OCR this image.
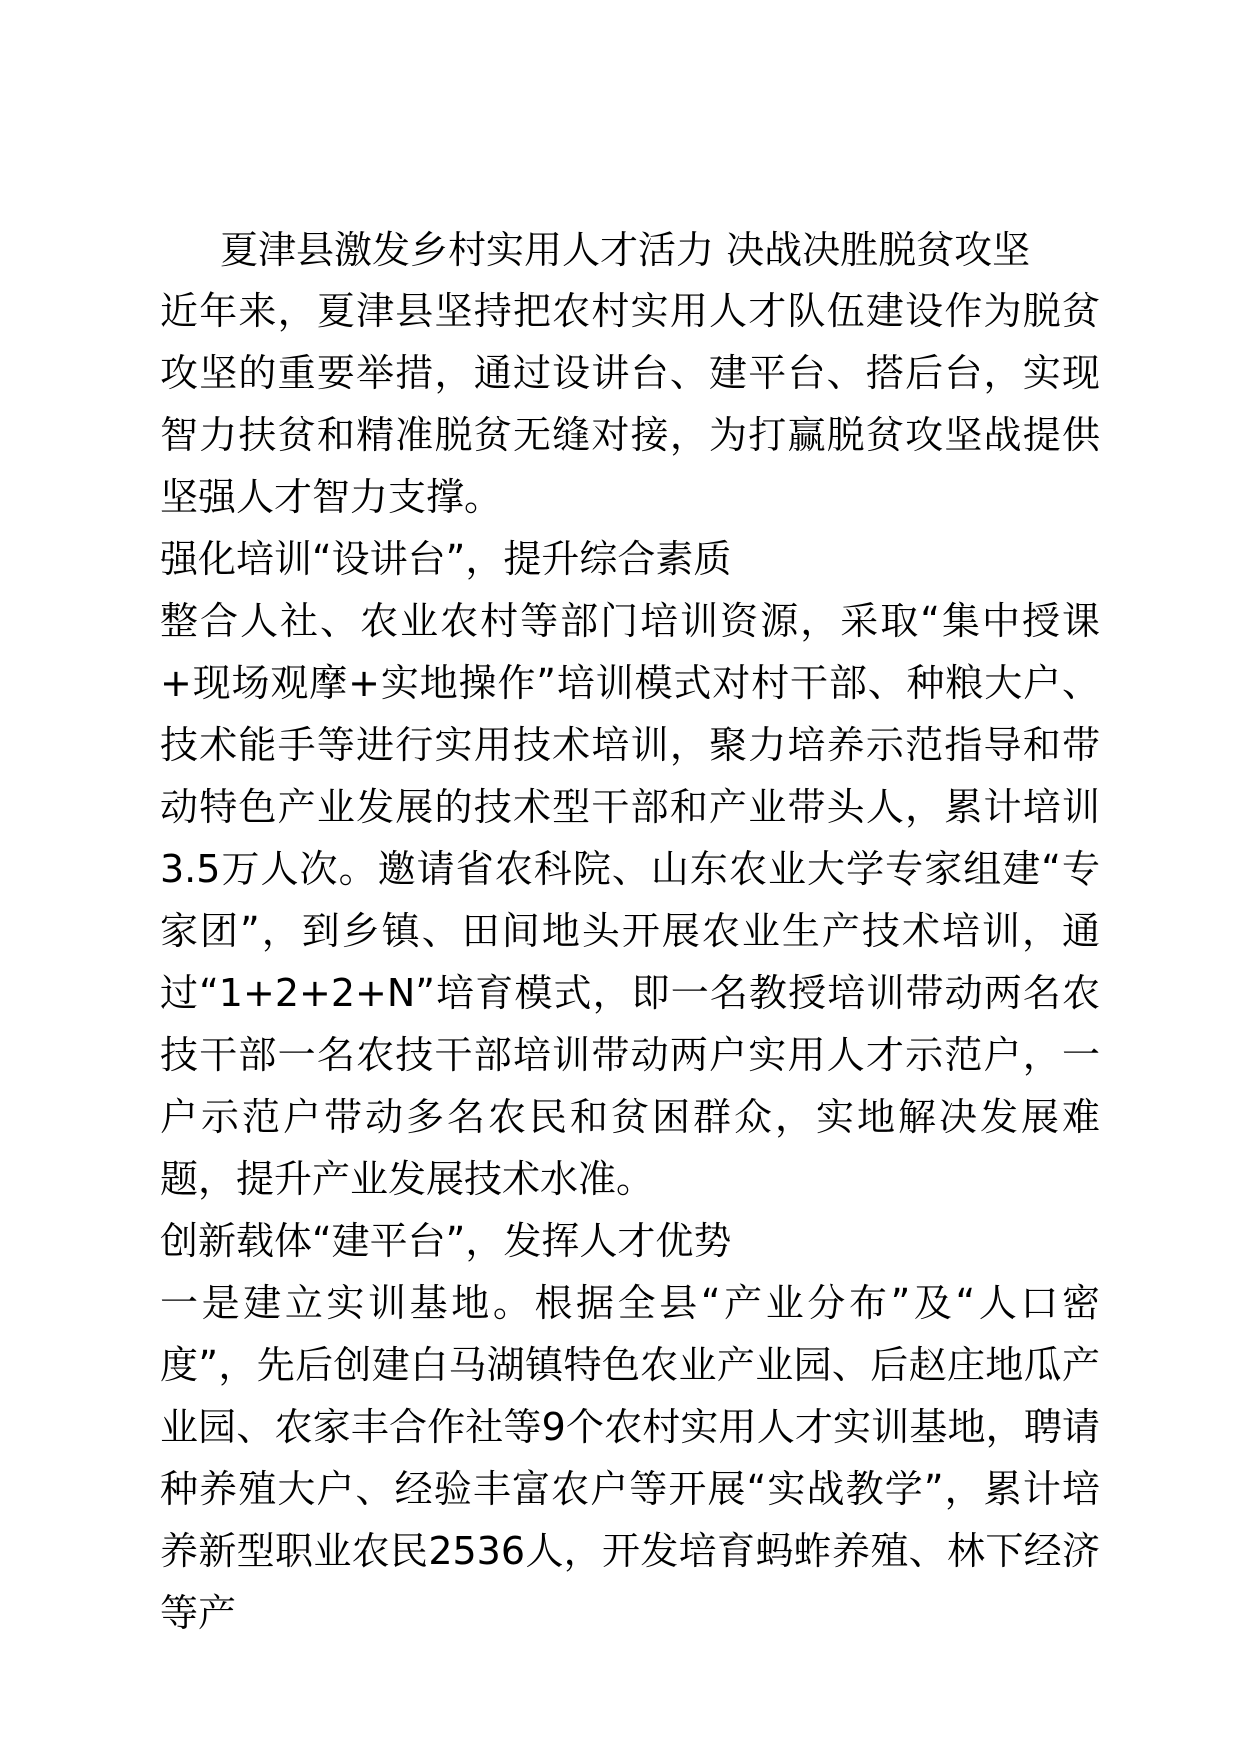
夏津县激发乡村实用人才活力 决战决胜脱贫攻坚

近年来，夏津县坚持把农村实用人才队伍建设作为脱贫攻坚的重要举措，通过设讲台、建平台、搭后台，实现智力扶贫和精准脱贫无缝对接，为打赢脱贫攻坚战提供坚强人才智力支撑。

强化培训“设讲台”，提升综合素质

整合人社、农业农村等部门培训资源，采取“集中授课+现场观摩+实地操作”培训模式对村干部、种粮大户、技术能手等进行实用技术培训，聚力培养示范指导和带动特色产业发展的技术型干部和产业带头人，累计培训3.5万人次。邀请省农科院、山东农业大学专家组建“专家团”，到乡镇、田间地头开展农业生产技术培训，通过“1+2+2+N”培育模式，即一名教授培训带动两名农技干部一名农技干部培训带动两户实用人才示范户，一户示范户带动多名农民和贫困群众，实地解决发展难题，提升产业发展技术水准。

创新载体“建平台”，发挥人才优势

一是建立实训基地。根据全县“产业分布”及“人口密度”，先后创建白马湖镇特色农业产业园、后赵庄地瓜产业园、农家丰合作社等9个农村实用人才实训基地，聘请种养殖大户、经验丰富农户等开展“实战教学”，累计培养新型职业农民2536人，开发培育蚂蚱养殖、林下经济等产
